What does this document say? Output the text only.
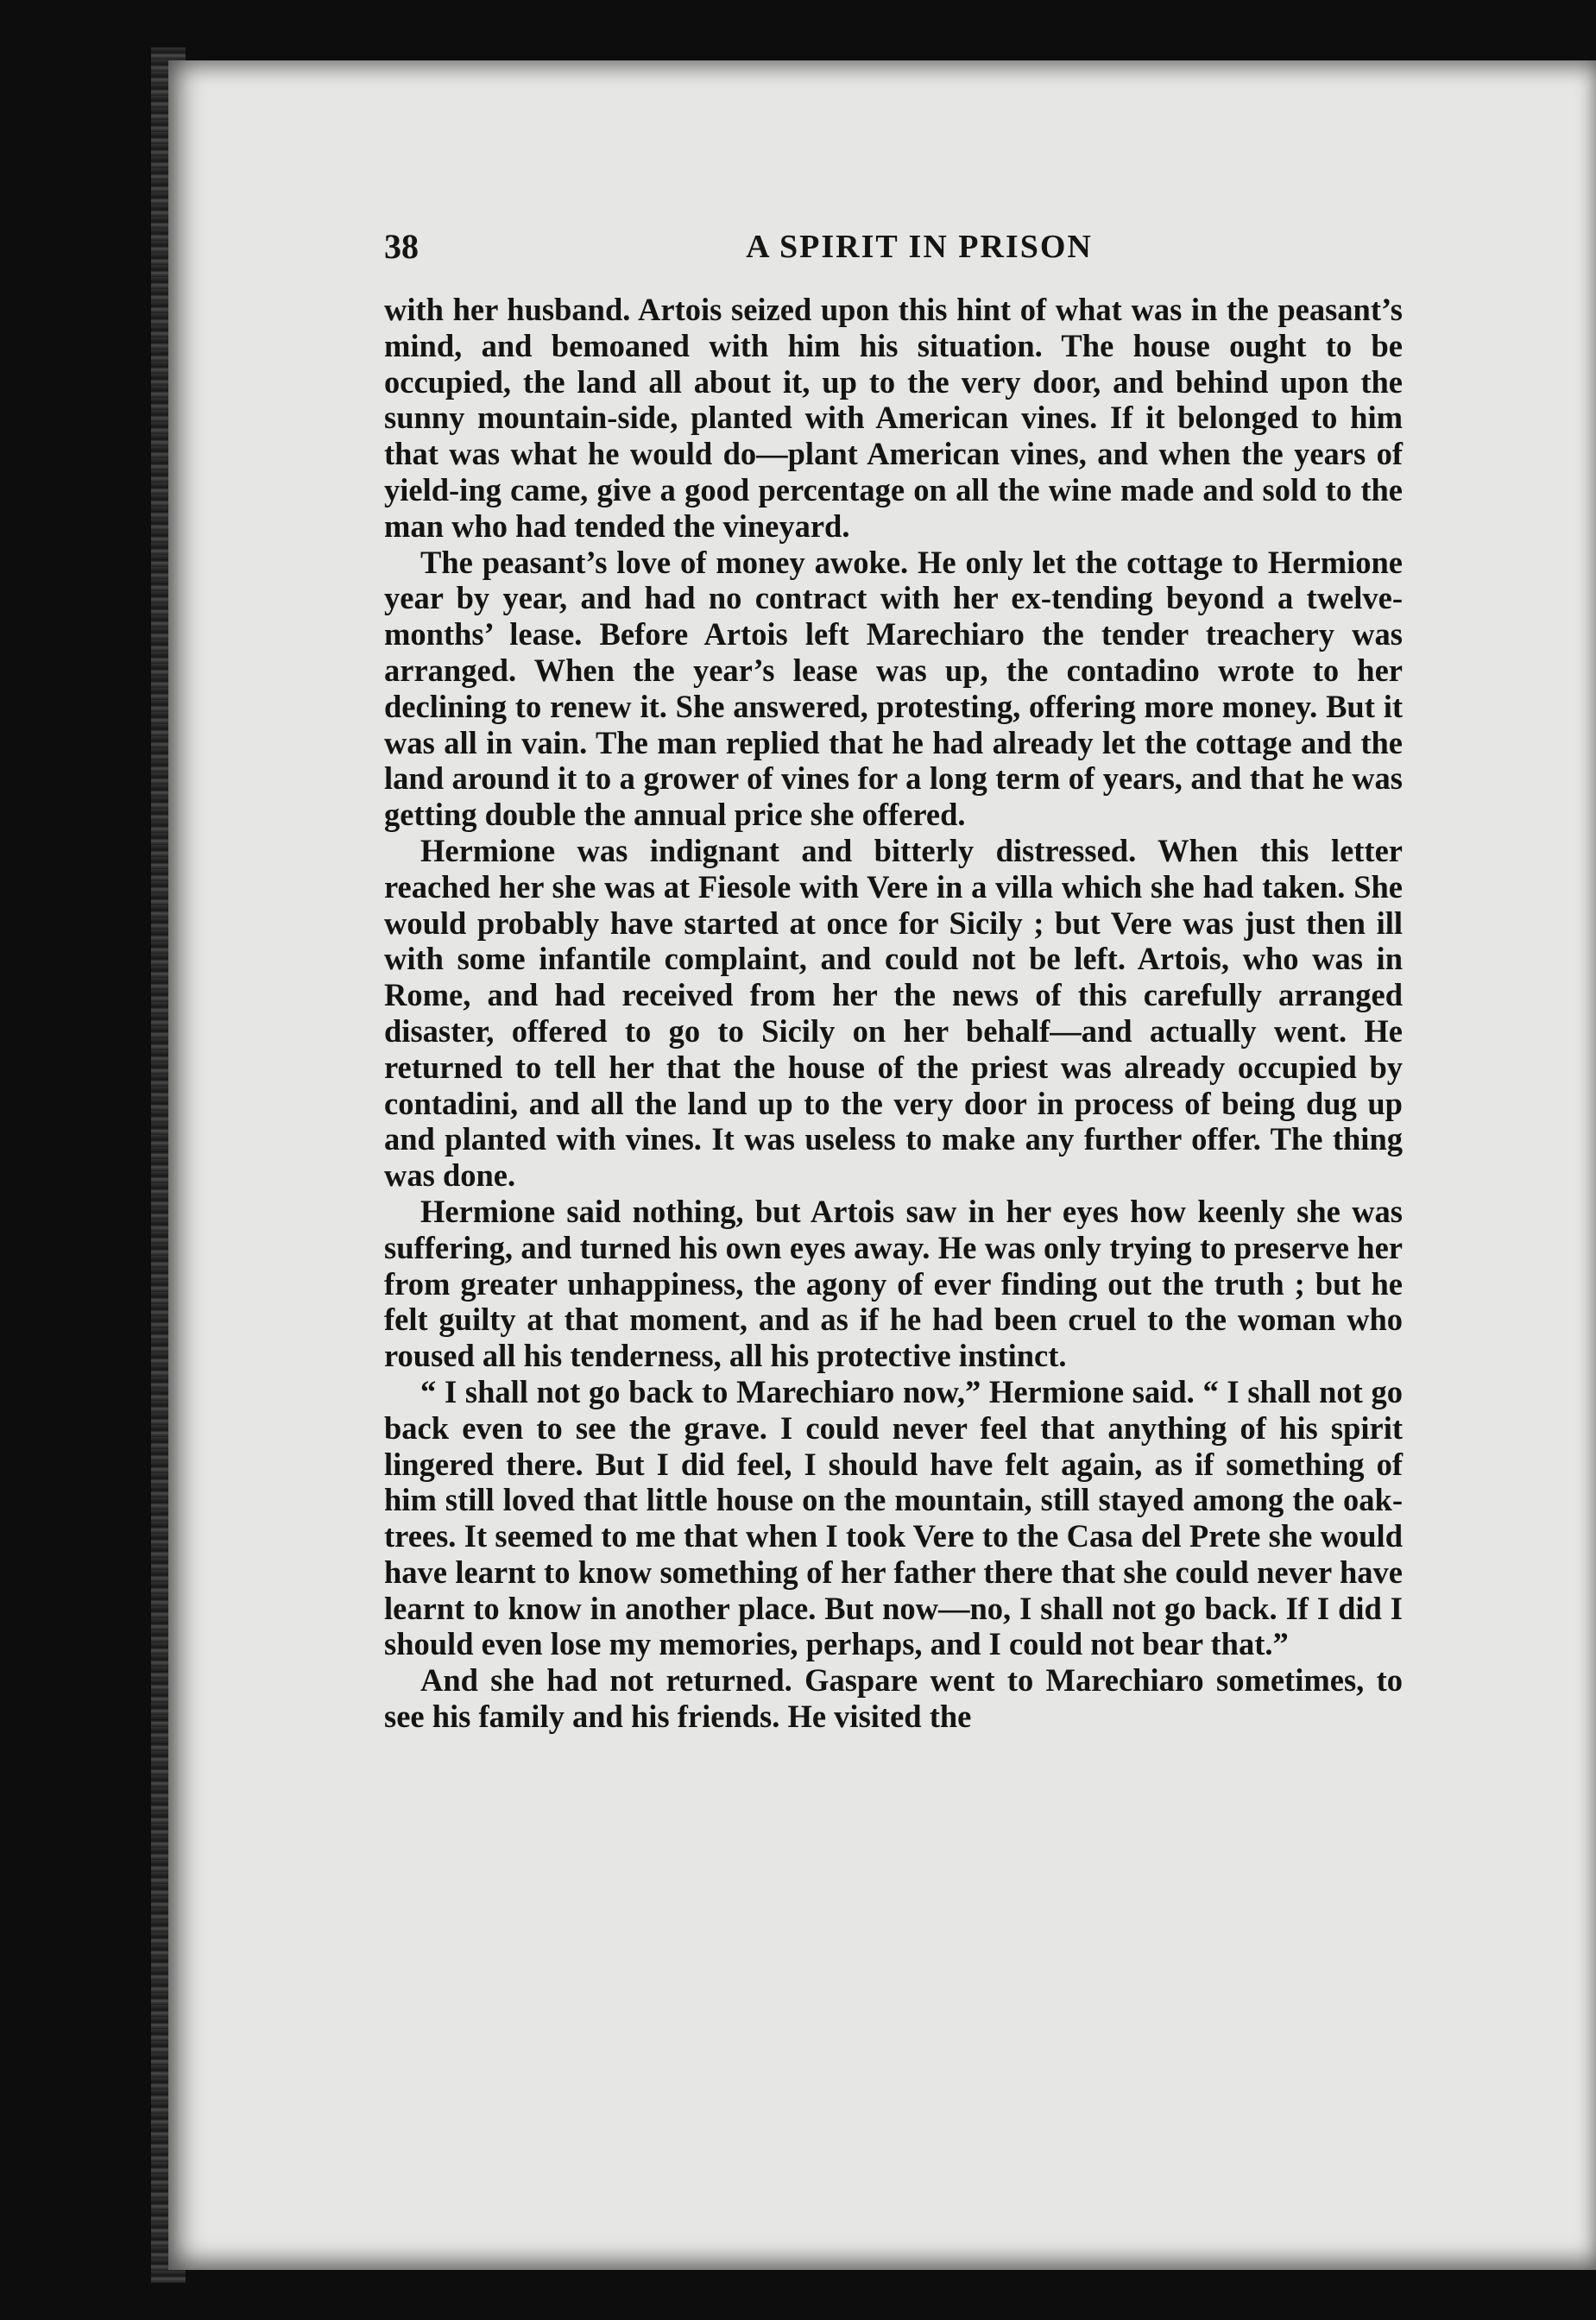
38	A SPIRIT IN PRISON

with her husband. Artois seized upon this hint of what was in the peasant’s mind, and bemoaned with him his situation. The house ought to be occupied, the land all about it, up to the very door, and behind upon the sunny mountain-side, planted with American vines. If it belonged to him that was what he would do—plant American vines, and when the years of yield-ing came, give a good percentage on all the wine made and sold to the man who had tended the vineyard.

The peasant’s love of money awoke. He only let the cottage to Hermione year by year, and had no contract with her ex-tending beyond a twelve-months’ lease. Before Artois left Marechiaro the tender treachery was arranged. When the year’s lease was up, the contadino wrote to her declining to renew it. She answered, protesting, offering more money. But it was all in vain. The man replied that he had already let the cottage and the land around it to a grower of vines for a long term of years, and that he was getting double the annual price she offered.

Hermione was indignant and bitterly distressed. When this letter reached her she was at Fiesole with Vere in a villa which she had taken. She would probably have started at once for Sicily ; but Vere was just then ill with some infantile complaint, and could not be left. Artois, who was in Rome, and had received from her the news of this carefully arranged disaster, offered to go to Sicily on her behalf—and actually went. He returned to tell her that the house of the priest was already occupied by contadini, and all the land up to the very door in process of being dug up and planted with vines. It was useless to make any further offer. The thing was done.

Hermione said nothing, but Artois saw in her eyes how keenly she was suffering, and turned his own eyes away. He was only trying to preserve her from greater unhappiness, the agony of ever finding out the truth ; but he felt guilty at that moment, and as if he had been cruel to the woman who roused all his tenderness, all his protective instinct.

“ I shall not go back to Marechiaro now,” Hermione said. “ I shall not go back even to see the grave. I could never feel that anything of his spirit lingered there. But I did feel, I should have felt again, as if something of him still loved that little house on the mountain, still stayed among the oak-trees. It seemed to me that when I took Vere to the Casa del Prete she would have learnt to know something of her father there that she could never have learnt to know in another place. But now—no, I shall not go back. If I did I should even lose my memories, perhaps, and I could not bear that.”

And she had not returned. Gaspare went to Marechiaro sometimes, to see his family and his friends. He visited the
